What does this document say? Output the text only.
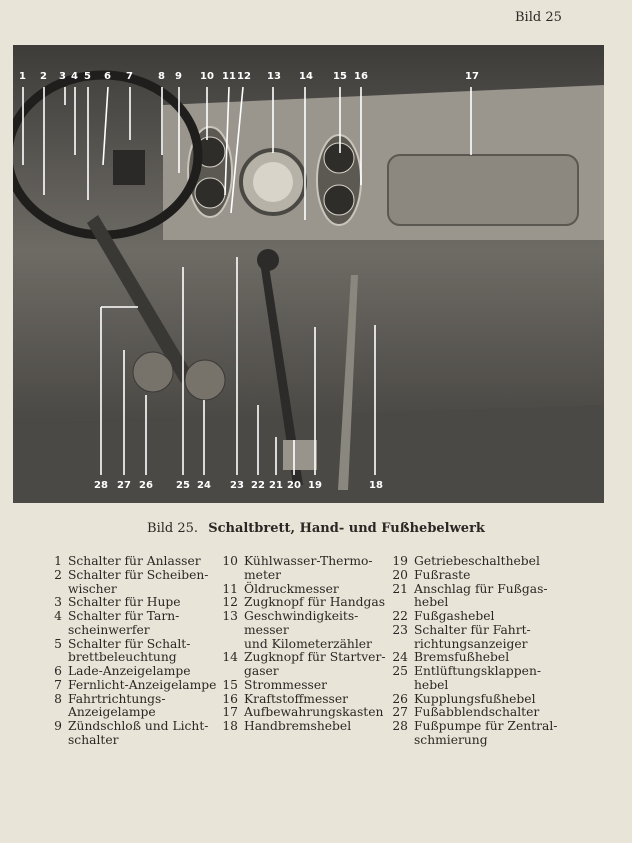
Bild 25
1 2 3 4 5 6 7	8 9 10 11 12 13 14 15 16	17
28 27 26 25 24 23 22 21 20 19	18
Bild 25. Schaltbrett, Hand- und Fußhebelwerk
1 Schalter für Anlasser
2 Schalter für Scheiben-
wischer
3 Schalter für Hupe
4 Schalter für Tarn-
scheinwerfer
5 Schalter für Schalt-
brettbeleuchtung
6 Lade-Anzeigelampe
7 Fernlicht-Anzeigelampe
8 Fahrtrichtungs-
Anzeigelampe
9 Zündschloß und Licht-
schalter
10 Kühlwasser-Thermo-
meter
11 Öldruckmesser
12 Zugknopf für Handgas
13 Geschwindigkeits-
messer
und Kilometerzähler
14 Zugknopf für Startver-
gaser
15 Strommesser
16 Kraftstoffmesser
17 Aufbewahrungskasten
18 Handbremshebel
19 Getriebeschalthebel
20 Fußraste
21 Anschlag für Fußgas-
hebel
22 Fußgashebel
23 Schalter für Fahrt-
richtungsanzeiger
24 Bremsfußhebel
25 Entlüftungsklappen-
hebel
26 Kupplungsfußhebel
27 Fußabblendschalter
28 Fußpumpe für Zentral-
schmierung
